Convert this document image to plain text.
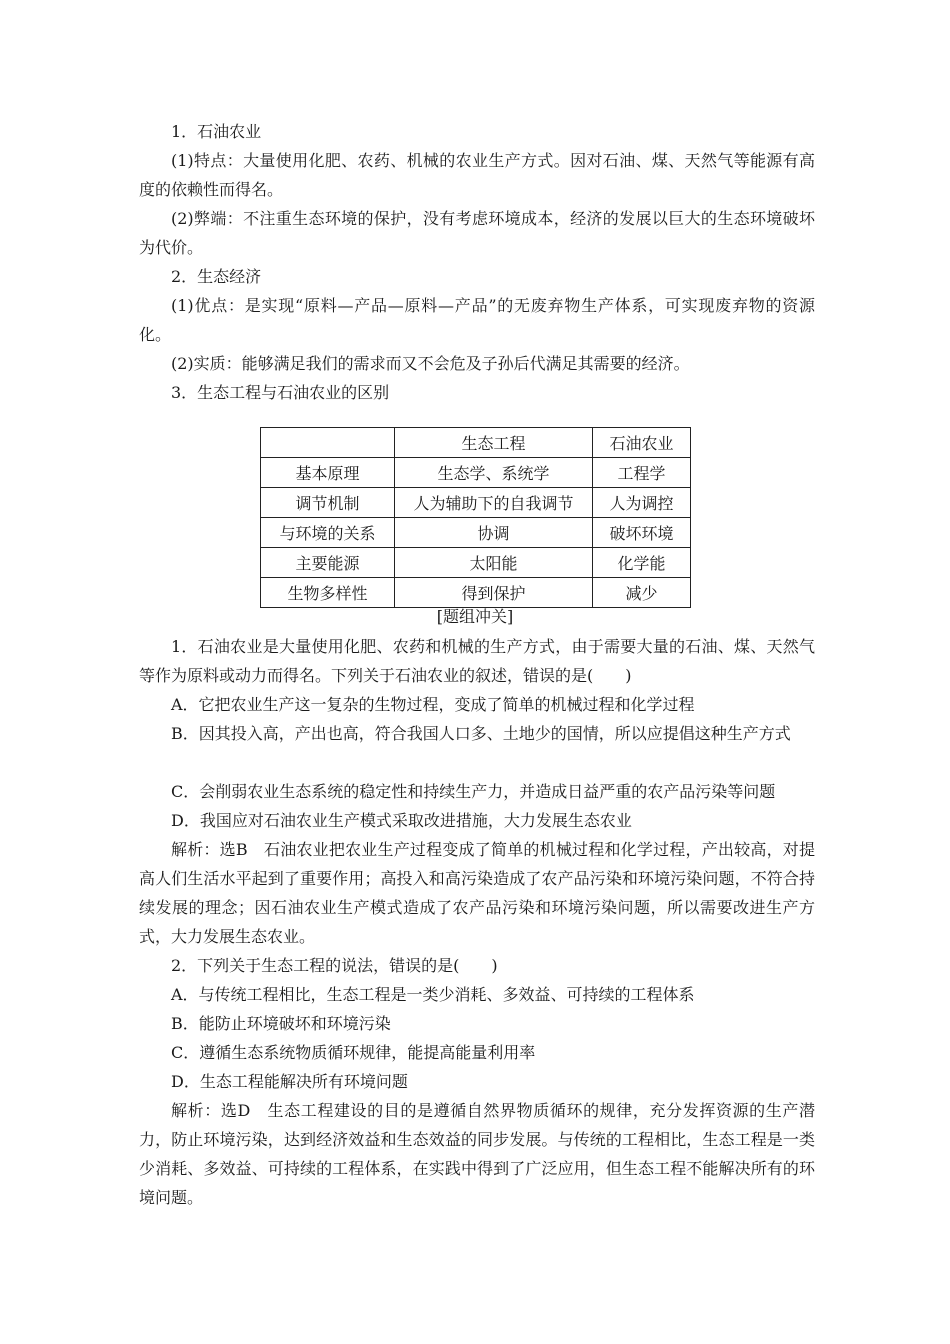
1．石油农业

(1)特点：大量使用化肥、农药、机械的农业生产方式。因对石油、煤、天然气等能源有高度的依赖性而得名。

(2)弊端：不注重生态环境的保护，没有考虑环境成本，经济的发展以巨大的生态环境破坏为代价。

2．生态经济

(1)优点：是实现“原料—产品—原料—产品”的无废弃物生产体系，可实现废弃物的资源化。

(2)实质：能够满足我们的需求而又不会危及子孙后代满足其需要的经济。

3．生态工程与石油农业的区别

	生态工程	石油农业
基本原理	生态学、系统学	工程学
调节机制	人为辅助下的自我调节	人为调控
与环境的关系	协调	破坏环境
主要能源	太阳能	化学能
生物多样性	得到保护	减少
[题组冲关]

1．石油农业是大量使用化肥、农药和机械的生产方式，由于需要大量的石油、煤、天然气等作为原料或动力而得名。下列关于石油农业的叙述，错误的是(　　)

A．它把农业生产这一复杂的生物过程，变成了简单的机械过程和化学过程

B．因其投入高，产出也高，符合我国人口多、土地少的国情，所以应提倡这种生产方式

C．会削弱农业生态系统的稳定性和持续生产力，并造成日益严重的农产品污染等问题

D．我国应对石油农业生产模式采取改进措施，大力发展生态农业

解析：选B　石油农业把农业生产过程变成了简单的机械过程和化学过程，产出较高，对提高人们生活水平起到了重要作用；高投入和高污染造成了农产品污染和环境污染问题，不符合持续发展的理念；因石油农业生产模式造成了农产品污染和环境污染问题，所以需要改进生产方式，大力发展生态农业。

2．下列关于生态工程的说法，错误的是(　　)

A．与传统工程相比，生态工程是一类少消耗、多效益、可持续的工程体系

B．能防止环境破坏和环境污染

C．遵循生态系统物质循环规律，能提高能量利用率

D．生态工程能解决所有环境问题

解析：选D　生态工程建设的目的是遵循自然界物质循环的规律，充分发挥资源的生产潜力，防止环境污染，达到经济效益和生态效益的同步发展。与传统的工程相比，生态工程是一类少消耗、多效益、可持续的工程体系，在实践中得到了广泛应用，但生态工程不能解决所有的环境问题。
